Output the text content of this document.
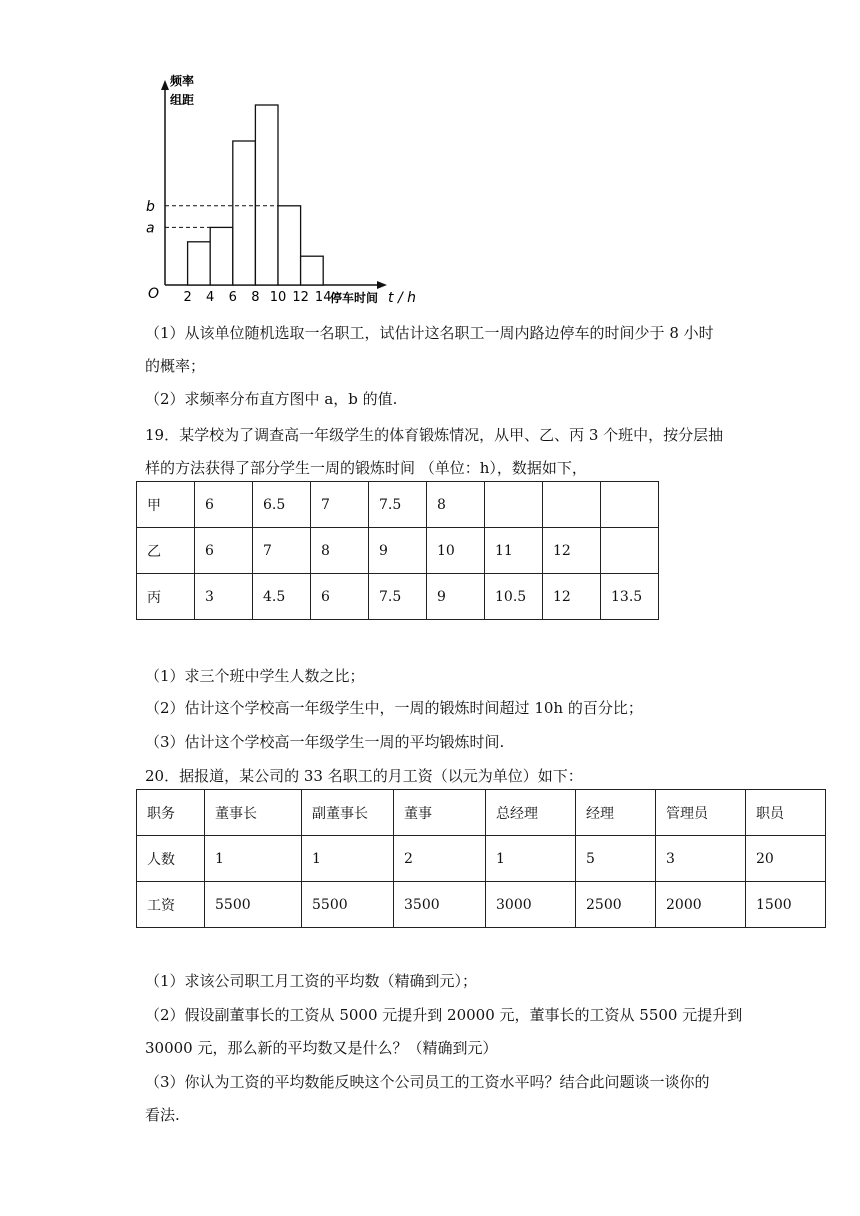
a
b
2 4 6 8 10 12 14
频率
组距
O	停车时间 t / h
（1）从该单位随机选取一名职工，试估计这名职工一周内路边停车的时间少于 8 小时
的概率；
（2）求频率分布直方图中 a，b 的值.
19．某学校为了调查高一年级学生的体育锻炼情况，从甲、乙、丙 3 个班中，按分层抽
样的方法获得了部分学生一周的锻炼时间 （单位：h），数据如下，
甲	6	6.5	7	7.5	8			
乙	6	7	8	9	10	11	12	
丙	3	4.5	6	7.5	9	10.5	12	13.5
（1）求三个班中学生人数之比；
（2）估计这个学校高一年级学生中，一周的锻炼时间超过 10h 的百分比；
（3）估计这个学校高一年级学生一周的平均锻炼时间.
20．据报道，某公司的 33 名职工的月工资（以元为单位）如下：
职务	董事长	副董事长	董事	总经理	经理	管理员	职员
人数	1	1	2	1	5	3	20
工资	5500	5500	3500	3000	2500	2000	1500
（1）求该公司职工月工资的平均数（精确到元）；
（2）假设副董事长的工资从 5000 元提升到 20000 元，董事长的工资从 5500 元提升到
30000 元，那么新的平均数又是什么？（精确到元）
（3）你认为工资的平均数能反映这个公司员工的工资水平吗？结合此问题谈一谈你的
看法.
